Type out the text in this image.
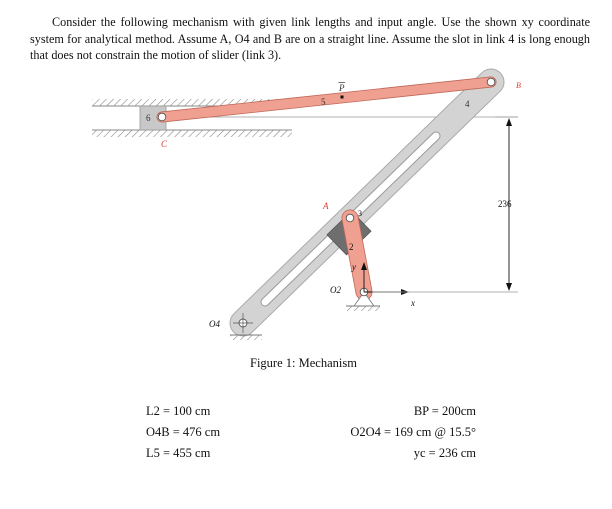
Consider the following mechanism with given link lengths and input angle. Use the shown xy coordinate system for analytical method. Assume A, O4 and B are on a straight line. Assume the slot in link 4 is long enough that does not constrain the motion of slider (link 3).

6
C
5
P	B
4
A
3
2
y
x
O2
O4
236
Figure 1: Mechanism
L2 = 100 cm
O4B = 476 cm
L5 = 455 cm
BP = 200cm
O2O4 = 169 cm @ 15.5°
yc = 236 cm
